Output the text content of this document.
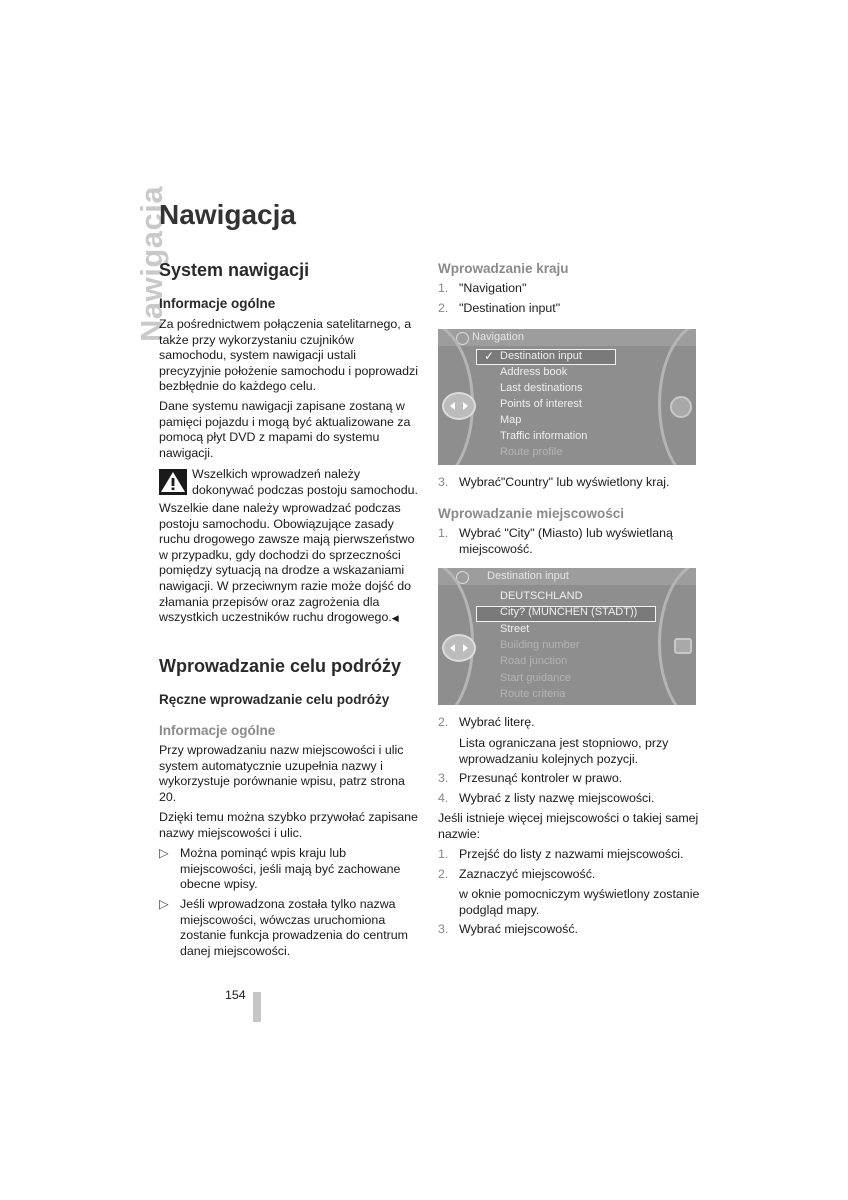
Nawigacja
Nawigacja
System nawigacji
Informacje ogólne
Za pośrednictwem połączenia satelitarnego, a także przy wykorzystaniu czujników samochodu, system nawigacji ustali precyzyjnie położenie samochodu i poprowadzi bezbłędnie do każdego celu.
Dane systemu nawigacji zapisane zostaną w pamięci pojazdu i mogą być aktualizowane za pomocą płyt DVD z mapami do systemu nawigacji.
Wszelkich wprowadzeń należy dokonywać podczas postoju samochodu.
Wszelkie dane należy wprowadzać podczas postoju samochodu. Obowiązujące zasady ruchu drogowego zawsze mają pierwszeństwo w przypadku, gdy dochodzi do sprzeczności pomiędzy sytuacją na drodze a wskazaniami nawigacji. W przeciwnym razie może dojść do złamania przepisów oraz zagrożenia dla wszystkich uczestników ruchu drogowego.◀
Wprowadzanie celu podróży
Ręczne wprowadzanie celu podróży
Informacje ogólne
Przy wprowadzaniu nazw miejscowości i ulic system automatycznie uzupełnia nazwy i wykorzystuje porównanie wpisu, patrz strona 20.
Dzięki temu można szybko przywołać zapisane nazwy miejscowości i ulic.
▷ Można pominąć wpis kraju lub miejscowości, jeśli mają być zachowane obecne wpisy.
▷ Jeśli wprowadzona została tylko nazwa miejscowości, wówczas uruchomiona zostanie funkcja prowadzenia do centrum danej miejscowości.
Wprowadzanie kraju
1. "Navigation"
2. "Destination input"
Navigation
✓ Destination input
Address book
Last destinations
Points of interest
Map
Traffic information
Route profile
3. Wybrać"Country" lub wyświetlony kraj.
Wprowadzanie miejscowości
1. Wybrać "City" (Miasto) lub wyświetlaną miejscowość.
Destination input
DEUTSCHLAND
City? (MÜNCHEN (STADT))
Street
Building number
Road junction
Start guidance
Route criteria
2. Wybrać literę.
Lista ograniczana jest stopniowo, przy wprowadzaniu kolejnych pozycji.
3. Przesunąć kontroler w prawo.
4. Wybrać z listy nazwę miejscowości.
Jeśli istnieje więcej miejscowości o takiej samej nazwie:
1. Przejść do listy z nazwami miejscowości.
2. Zaznaczyć miejscowość.
w oknie pomocniczym wyświetlony zostanie podgląd mapy.
3. Wybrać miejscowość.
154
